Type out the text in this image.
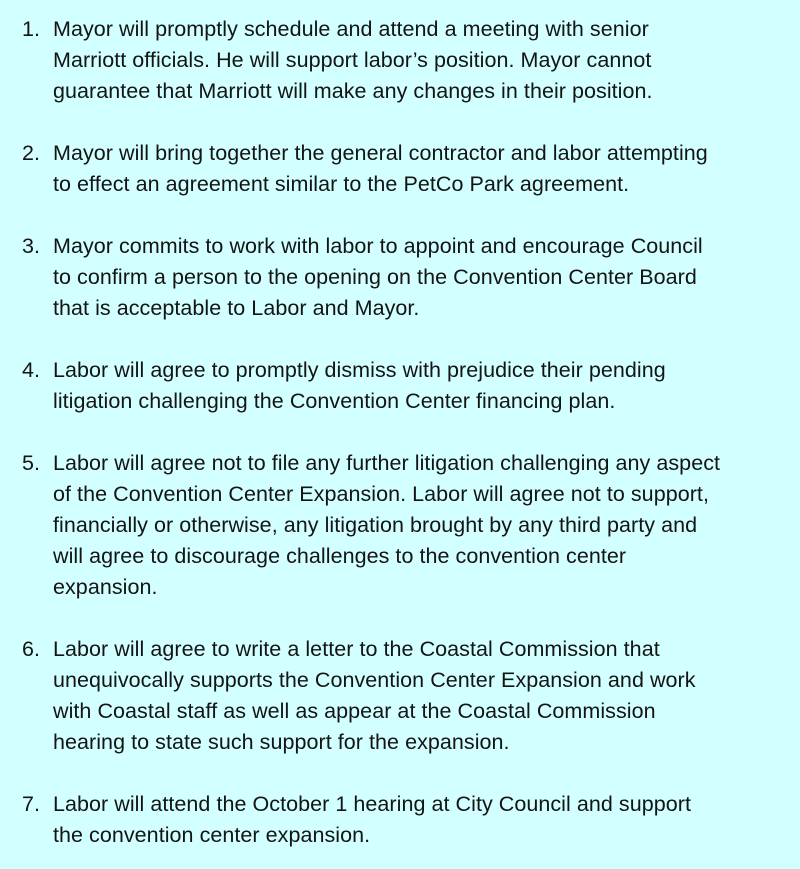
1. Mayor will promptly schedule and attend a meeting with senior
Marriott officials. He will support labor’s position. Mayor cannot
guarantee that Marriott will make any changes in their position.
2. Mayor will bring together the general contractor and labor attempting
to effect an agreement similar to the PetCo Park agreement.
3. Mayor commits to work with labor to appoint and encourage Council
to confirm a person to the opening on the Convention Center Board
that is acceptable to Labor and Mayor.
4. Labor will agree to promptly dismiss with prejudice their pending
litigation challenging the Convention Center financing plan.
5. Labor will agree not to file any further litigation challenging any aspect
of the Convention Center Expansion. Labor will agree not to support,
financially or otherwise, any litigation brought by any third party and
will agree to discourage challenges to the convention center
expansion.
6. Labor will agree to write a letter to the Coastal Commission that
unequivocally supports the Convention Center Expansion and work
with Coastal staff as well as appear at the Coastal Commission
hearing to state such support for the expansion.
7. Labor will attend the October 1 hearing at City Council and support
the convention center expansion.
